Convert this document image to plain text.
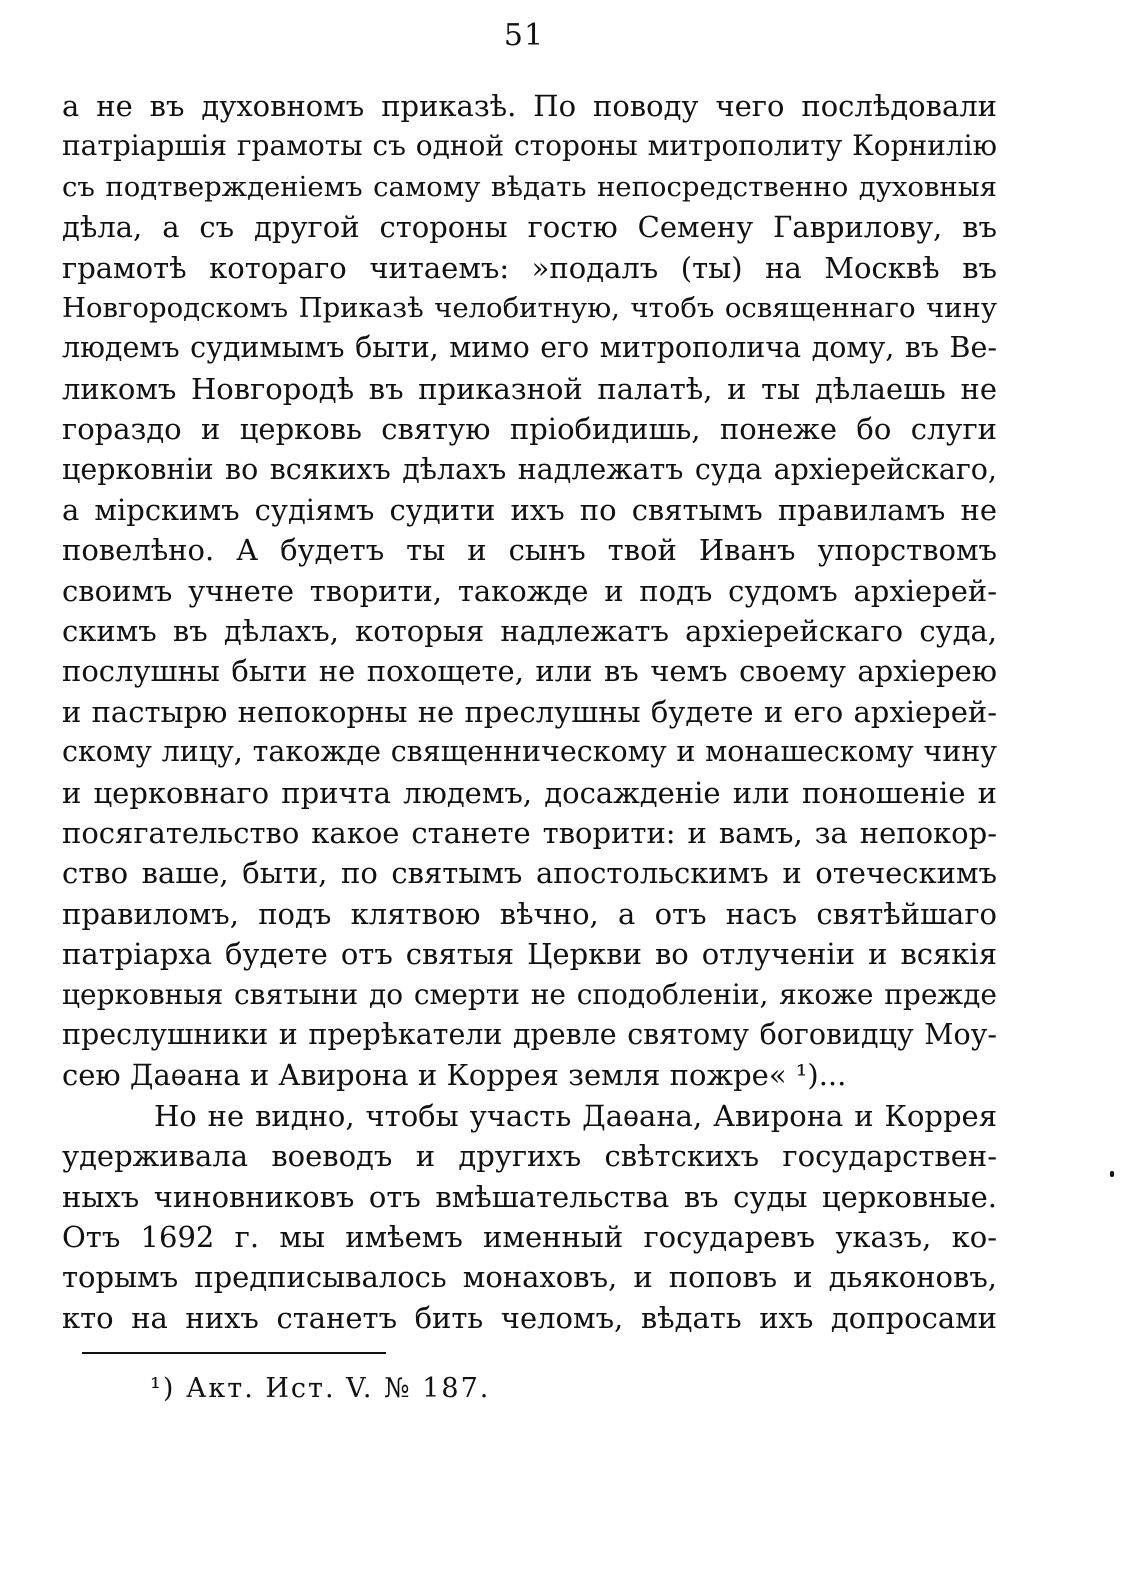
51
а не въ духовномъ приказѣ. По поводу чего послѣдовали
патріаршія грамоты съ одной стороны митрополиту Корнилію
съ подтвержденіемъ самому вѣдать непосредственно духовныя
дѣла, а съ другой стороны гостю Семену Гаврилову, въ
грамотѣ котораго читаемъ: »подалъ (ты) на Москвѣ въ
Новгородскомъ Приказѣ челобитную, чтобъ освященнаго чину
людемъ судимымъ быти, мимо его митрополича дому, въ Ве-
ликомъ Новгородѣ въ приказной палатѣ, и ты дѣлаешь не
гораздо и церковь святую пріобидишь, понеже бо слуги
церковніи во всякихъ дѣлахъ надлежатъ суда архіерейскаго,
а мірскимъ судіямъ судити ихъ по святымъ правиламъ не
повелѣно. А будетъ ты и сынъ твой Иванъ упорствомъ
своимъ учнете творити, такожде и подъ судомъ архіерей-
скимъ въ дѣлахъ, которыя надлежатъ архіерейскаго суда,
послушны быти не похощете, или въ чемъ своему архіерею
и пастырю непокорны не преслушны будете и его архіерей-
скому лицу, такожде священническому и монашескому чину
и церковнаго причта людемъ, досажденіе или поношеніе и
посягательство какое станете творити: и вамъ, за непокор-
ство ваше, быти, по святымъ апостольскимъ и отеческимъ
правиломъ, подъ клятвою вѣчно, а отъ насъ святѣйшаго
патріарха будете отъ святыя Церкви во отлученіи и всякія
церковныя святыни до смерти не сподобленіи, якоже прежде
преслушники и прерѣкатели древле святому боговидцу Моу-
сею Даѳана и Авирона и Коррея земля пожре« ¹)...
Но не видно, чтобы участь Даѳана, Авирона и Коррея
удерживала воеводъ и другихъ свѣтскихъ государствен-
ныхъ чиновниковъ отъ вмѣшательства въ суды церковные.
Отъ 1692 г. мы имѣемъ именный государевъ указъ, ко-
торымъ предписывалось монаховъ, и поповъ и дьяконовъ,
кто на нихъ станетъ бить челомъ, вѣдать ихъ допросами
¹) Акт. Ист. V. № 187.
